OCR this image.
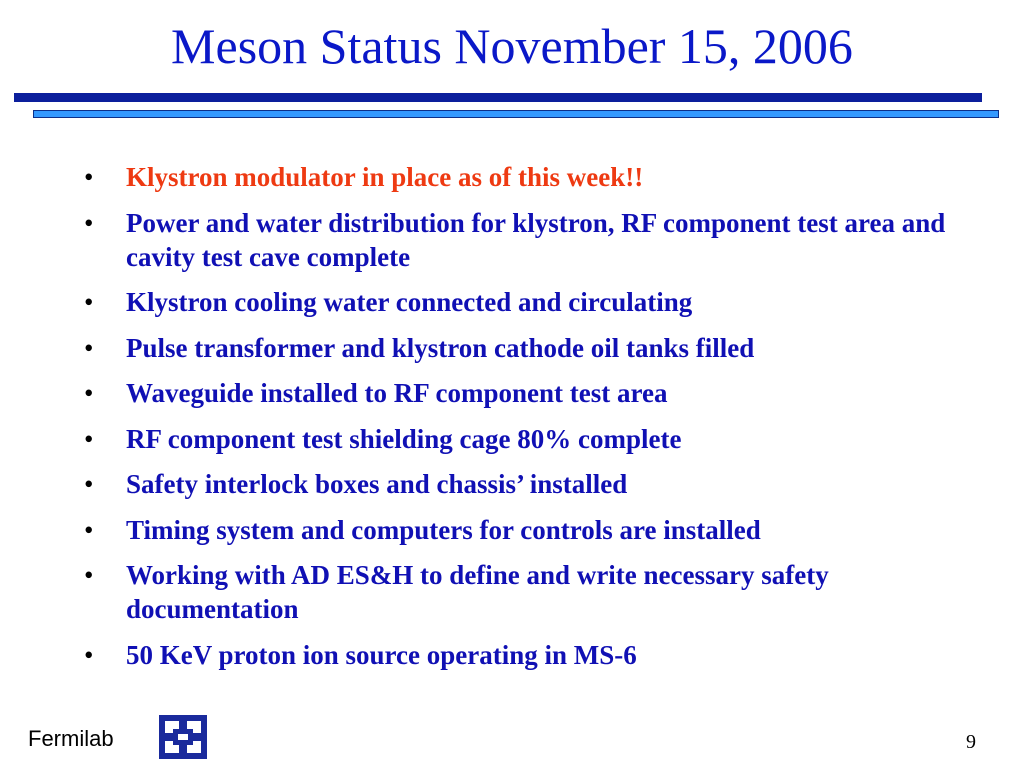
Meson Status November 15, 2006
• Klystron modulator in place as of this week!!
• Power and water distribution for klystron, RF component test area and cavity test cave complete
• Klystron cooling water connected and circulating
• Pulse transformer and klystron cathode oil tanks filled
• Waveguide installed to RF component test area
• RF component test shielding cage 80% complete
• Safety interlock boxes and chassis’ installed
• Timing system and computers for controls are installed
• Working with AD ES&H to define and write necessary safety documentation
• 50 KeV proton ion source operating in MS-6
Fermilab	9
